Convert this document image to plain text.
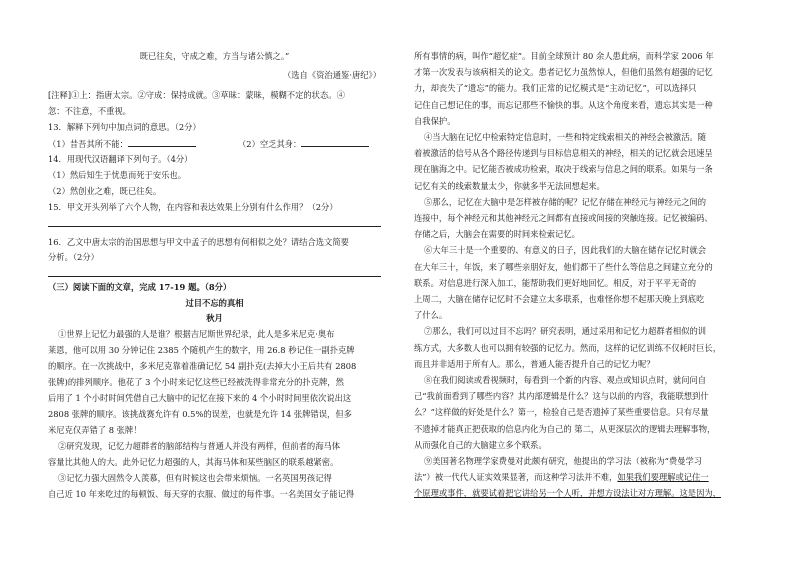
既已往矣，守成之难，方当与诸公慎之。”
（选自《资治通鉴·唐纪》）
[注释]①上：指唐太宗。②守成：保持成就。③草昧：蒙昧，模糊不定的状态。④
忽：不注意，不重视。
13．解释下列句中加点词的意思。（2分）
（1）昔吾其所不能：	（2）空乏其身：
14．用现代汉语翻译下列句子。（4分）
（1）然后知生于忧患而死于安乐也。
（2）然创业之难，既已往矣。
15．甲文开头列举了六个人物，在内容和表达效果上分别有什么作用？（2分）
16．乙文中唐太宗的治国思想与甲文中孟子的思想有何相似之处？请结合选文简要
分析。（2分）
（三）阅读下面的文章，完成 17-19 题。（8分）
过目不忘的真相
秋月
①世界上记忆力最强的人是谁？根据吉尼斯世界纪录，此人是多米尼克·奥布
莱恩，他可以用 30 分钟记住 2385 个随机产生的数字，用 26.8 秒记住一副扑克牌
的顺序。在一次挑战中，多米尼克靠着准确记忆 54 副扑克(去掉大小王后共有 2808
张牌)的排列顺序。他花了 3 个小时来记忆这些已经被洗得非常充分的扑克牌，然
后用了 1 个小时时间凭借自己大脑中的记忆在接下来的 4 个小时时间里依次说出这
2808 张牌的顺序。该挑战赛允许有 0.5%的误差，也就是允许 14 张牌错误，但多
米尼克仅弄错了 8 张牌！
②研究发现，记忆力超群者的脑部结构与普通人并没有两样，但前者的海马体
容量比其他人的大。此外记忆力超强的人，其海马体和某些脑区的联系越紧密。
③记忆力强大固然令人羡慕，但有时候这也会带来烦恼。一名英国男孩记得
自己近 10 年来吃过的每顿饭、每天穿的衣服、做过的每件事。一名美国女子能记得
所有事情的病，叫作“超忆症”。目前全球预计 80 余人患此病，而科学家 2006 年
才第一次发表与该病相关的论文。患者记忆力虽然惊人，但他们虽然有超强的记忆
力，却丧失了“遗忘”的能力。我们正常的记忆模式是“主动记忆”，可以选择只
记住自己想记住的事，而忘记那些不愉快的事。从这个角度来看，遗忘其实是一种
自我保护。
④当大脑在记忆中检索特定信息时，一些和特定线索相关的神经会被激活。随
着被激活的信号从各个路径传递到与目标信息相关的神经，相关的记忆就会迅速呈
现在脑海之中。记忆能否被成功检索，取决于线索与信息之间的联系。如果与一条
记忆有关的线索数量太少，你就多半无法回想起来。
⑤那么，记忆在大脑中是怎样被存储的呢？记忆存储在神经元与神经元之间的
连接中，每个神经元和其他神经元之间都有直接或间接的突触连接。记忆被编码、
存储之后，大脑会在需要的时间来检索记忆。
⑥大年三十是一个重要的、有意义的日子，因此我们的大脑在储存记忆时就会
在大年三十，年饭，来了哪些亲朋好友，他们都干了些什么等信息之间建立充分的
联系。对信息进行深入加工，能帮助我们更好地回忆。相反，对于平平无奇的
上周二，大脑在储存记忆时不会建立太多联系，也难怪你想不起那天晚上到底吃
了什么。
⑦那么，我们可以过目不忘吗？研究表明，通过采用和记忆力超群者相似的训
练方式，大多数人也可以拥有较强的记忆力。然而，这样的记忆训练不仅耗时巨长，
而且并非适用于所有人。那么，普通人能否提升自己的记忆力呢？
⑧在我们阅读或看视频时，每看到一个新的内容、观点或知识点时，就问问自
己“我前面看到了哪些内容？其内部逻辑是什么？这与以前的内容，我能联想到什
么？”这样做的好处是什么？第一，检验自己是否遗掉了某些重要信息。只有尽量
不遗掉才能真正把获取的信息内化为自己的 第二，从更深层次的逻辑去理解事物，
从而强化自己的大脑建立多个联系。
⑨美国著名物理学家费曼对此颇有研究，他提出的学习法（被称为“费曼学习
法”）被一代代人证实效果显著，而这种学习法并不难，如果我们要理解或记住一
个原理或事件，就要试着把它讲给另一个人听，并想方设法让对方理解。这是因为，
